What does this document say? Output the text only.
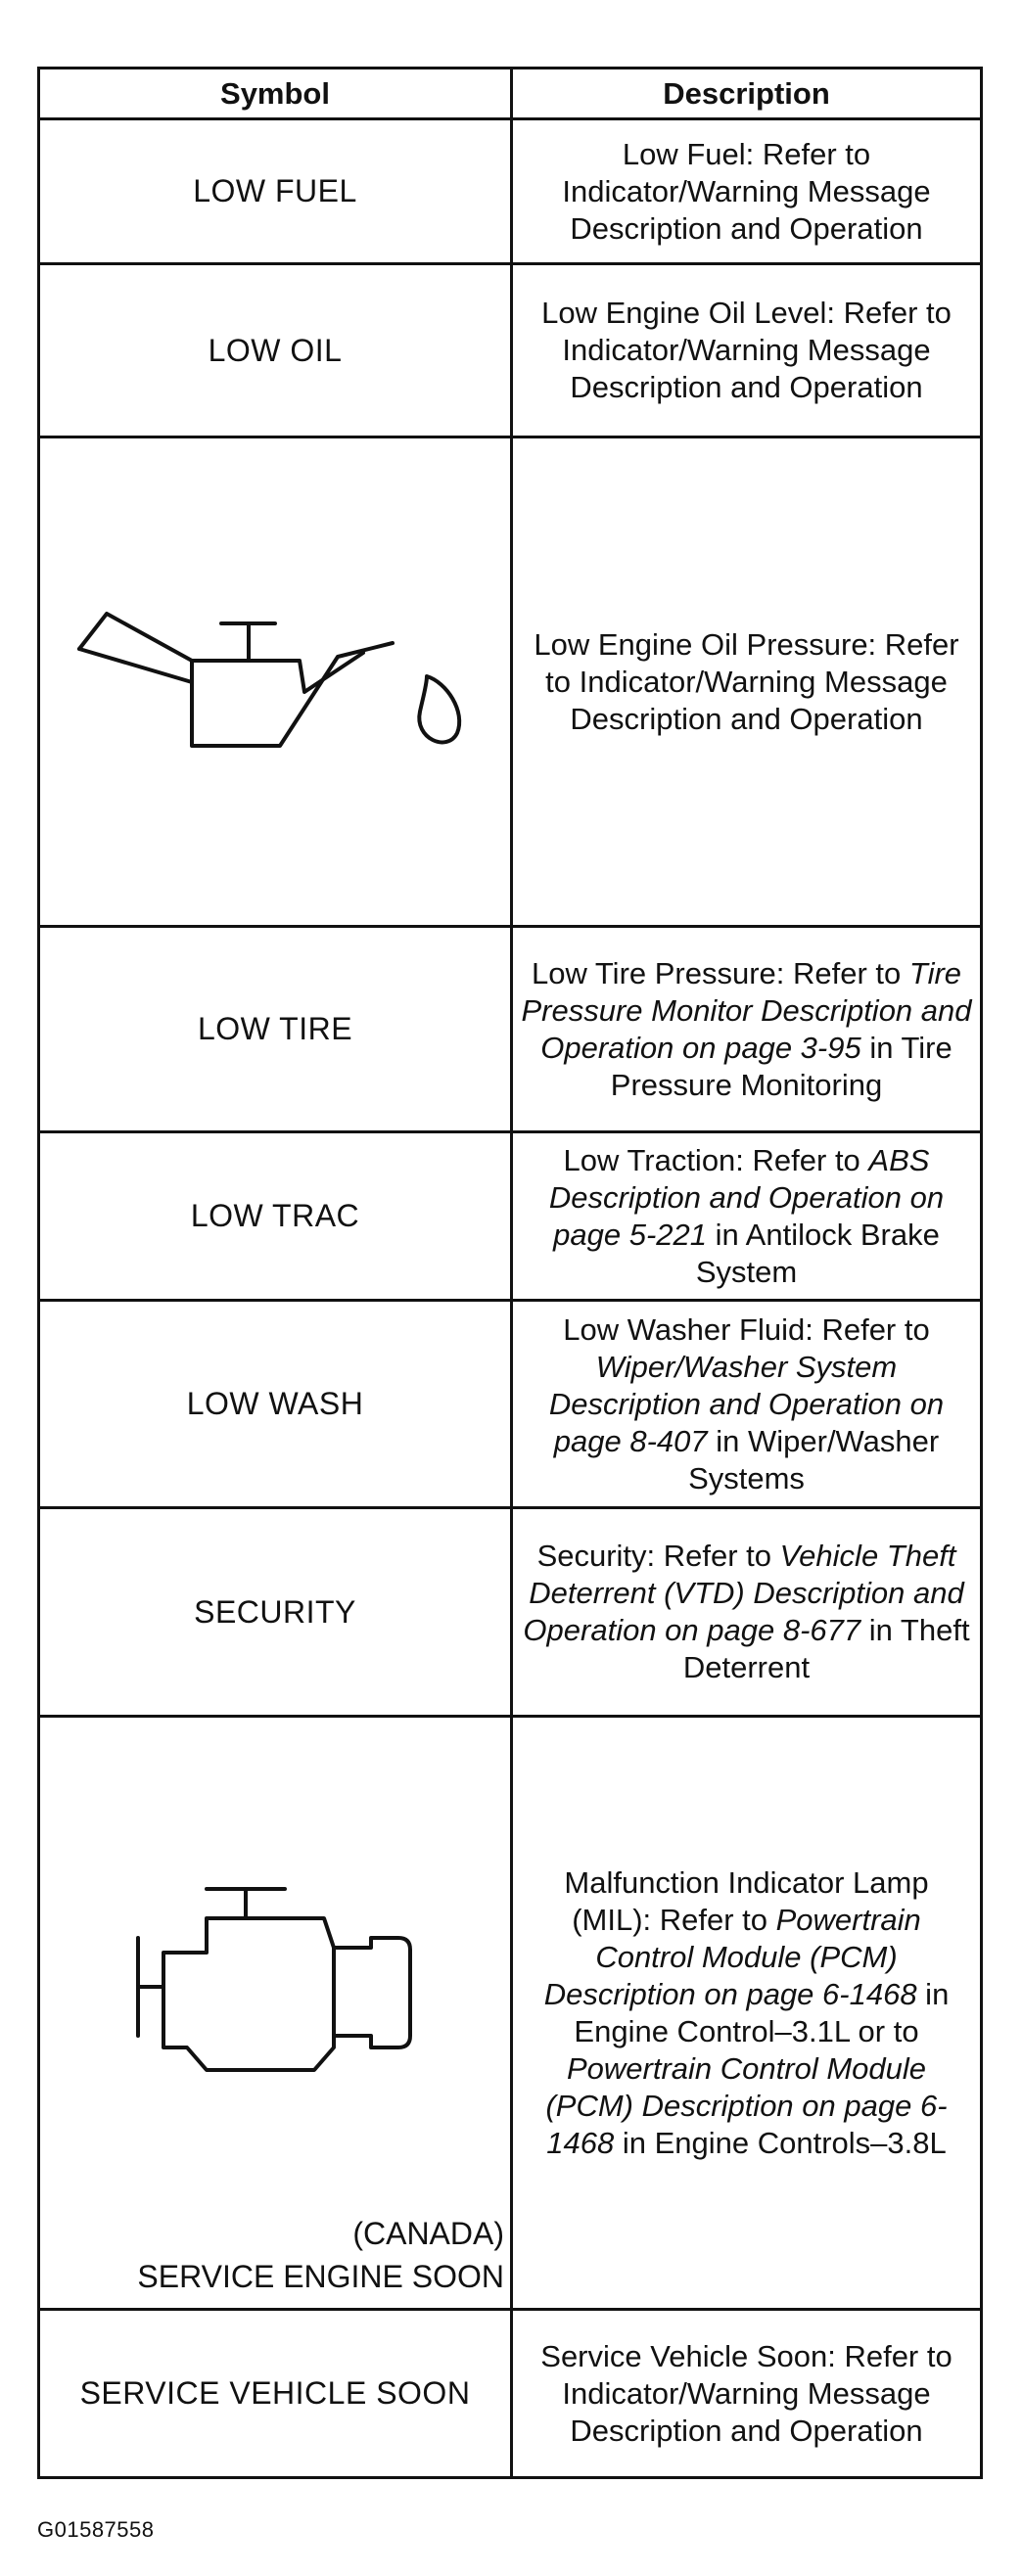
Symbol	Description
LOW FUEL
Low Fuel: Refer to Indicator/Warning Message Description and Operation
LOW OIL
Low Engine Oil Level: Refer to Indicator/Warning Message Description and Operation
Low Engine Oil Pressure: Refer to Indicator/Warning Message Description and Operation
LOW TIRE
Low Tire Pressure: Refer to Tire Pressure Monitor Description and Operation on page 3-95 in Tire Pressure Monitoring
LOW TRAC
Low Traction: Refer to ABS Description and Operation on page 5-221 in Antilock Brake System
LOW WASH
Low Washer Fluid: Refer to Wiper/Washer System Description and Operation on page 8-407 in Wiper/Washer Systems
SECURITY
Security: Refer to Vehicle Theft Deterrent (VTD) Description and Operation on page 8-677 in Theft Deterrent
(CANADA)
SERVICE ENGINE SOON
Malfunction Indicator Lamp (MIL): Refer to Powertrain Control Module (PCM) Description on page 6-1468 in Engine Control–3.1L or to Powertrain Control Module (PCM) Description on page 6-1468 in Engine Controls–3.8L
SERVICE VEHICLE SOON
Service Vehicle Soon: Refer to Indicator/Warning Message Description and Operation
G01587558
